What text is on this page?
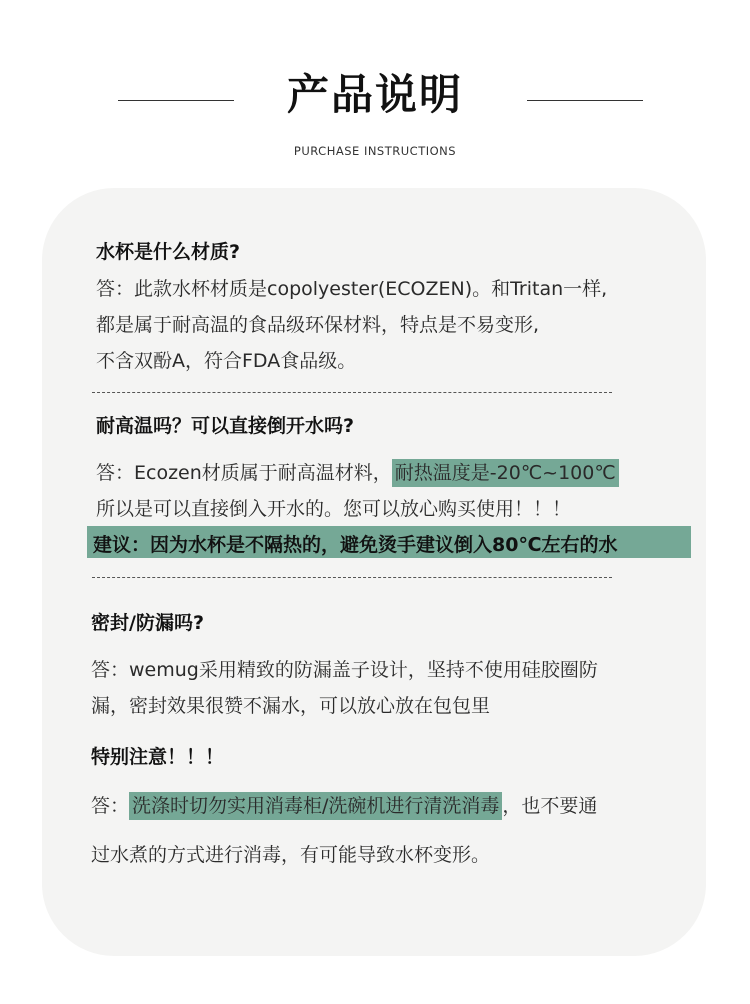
产品说明
PURCHASE INSTRUCTIONS
水杯是什么材质?
答：此款水杯材质是copolyester(ECOZEN)。和Tritan一样,
都是属于耐高温的食品级环保材料，特点是不易变形,
不含双酚A，符合FDA食品级。
耐高温吗？可以直接倒开水吗?
答：Ecozen材质属于耐高温材料， 耐热温度是-20℃~100℃
所以是可以直接倒入开水的。您可以放心购买使用！！！
建议：因为水杯是不隔热的，避免烫手建议倒入80℃左右的水
密封/防漏吗?
答：wemug采用精致的防漏盖子设计，坚持不使用硅胶圈防
漏，密封效果很赞不漏水，可以放心放在包包里
特别注意！！！
答： 洗涤时切勿实用消毒柜/洗碗机进行清洗消毒 ，也不要通
过水煮的方式进行消毒，有可能导致水杯变形。
